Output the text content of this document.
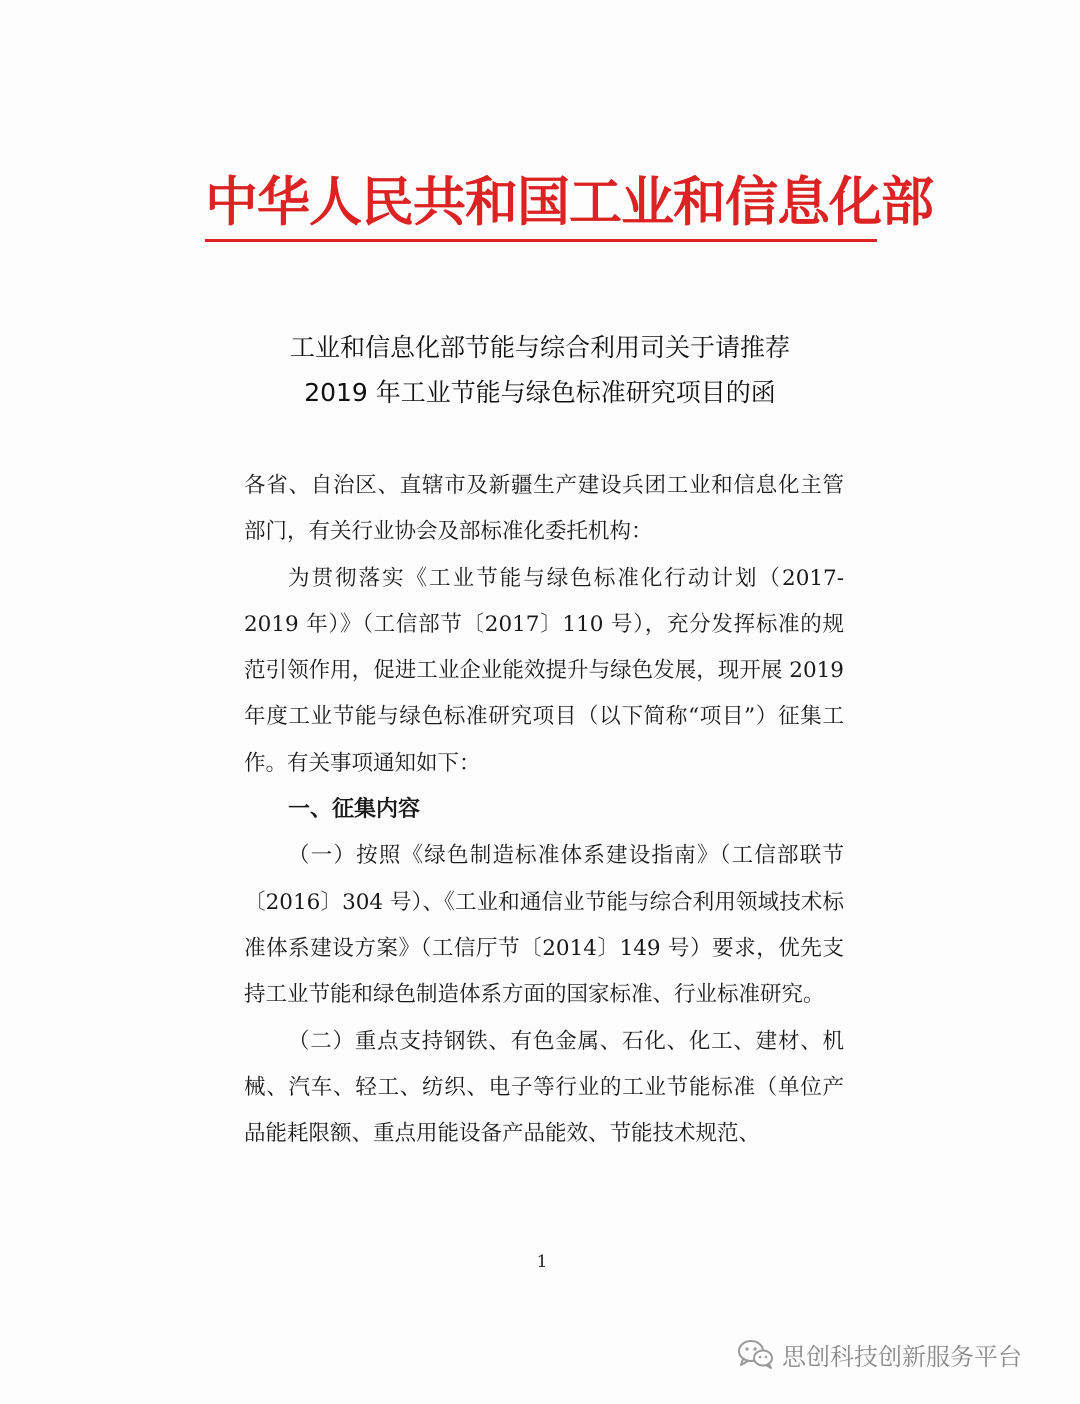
中华人民共和国工业和信息化部
工业和信息化部节能与综合利用司关于请推荐
2019 年工业节能与绿色标准研究项目的函

各省、自治区、直辖市及新疆生产建设兵团工业和信息化主管部门，有关行业协会及部标准化委托机构：

为贯彻落实《工业节能与绿色标准化行动计划（2017-2019 年）》（工信部节〔2017〕110 号），充分发挥标准的规范引领作用，促进工业企业能效提升与绿色发展，现开展 2019 年度工业节能与绿色标准研究项目（以下简称“项目”）征集工作。有关事项通知如下：

一、征集内容

（一）按照《绿色制造标准体系建设指南》（工信部联节〔2016〕304 号）、《工业和通信业节能与综合利用领域技术标准体系建设方案》（工信厅节〔2014〕149 号）要求，优先支持工业节能和绿色制造体系方面的国家标准、行业标准研究。

（二）重点支持钢铁、有色金属、石化、化工、建材、机械、汽车、轻工、纺织、电子等行业的工业节能标准（单位产品能耗限额、重点用能设备产品能效、节能技术规范、

1
思创科技创新服务平台
